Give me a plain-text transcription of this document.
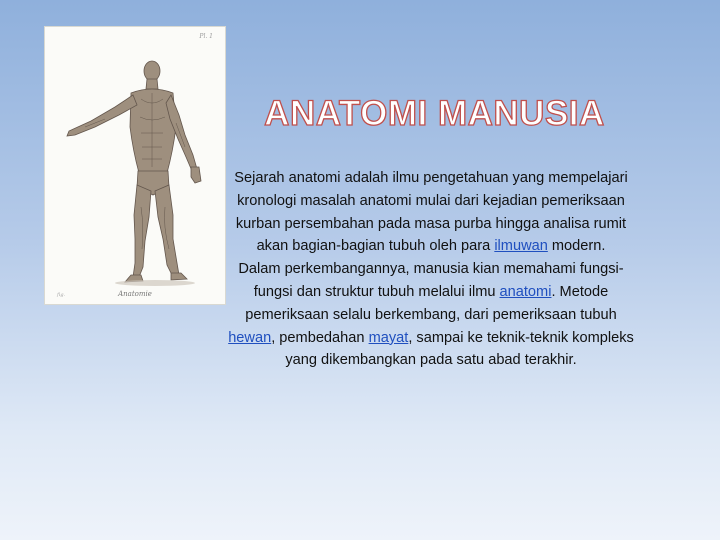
Pl. 1
fig.	Anatomie
ANATOMI MANUSIA

Sejarah anatomi adalah ilmu pengetahuan yang mempelajari kronologi masalah anatomi mulai dari kejadian pemeriksaan kurban persembahan pada masa purba hingga analisa rumit akan bagian-bagian tubuh oleh para ilmuwan modern.

Dalam perkembangannya, manusia kian memahami fungsi-fungsi dan struktur tubuh melalui ilmu anatomi. Metode pemeriksaan selalu berkembang, dari pemeriksaan tubuh hewan, pembedahan mayat, sampai ke teknik-teknik kompleks yang dikembangkan pada satu abad terakhir.
